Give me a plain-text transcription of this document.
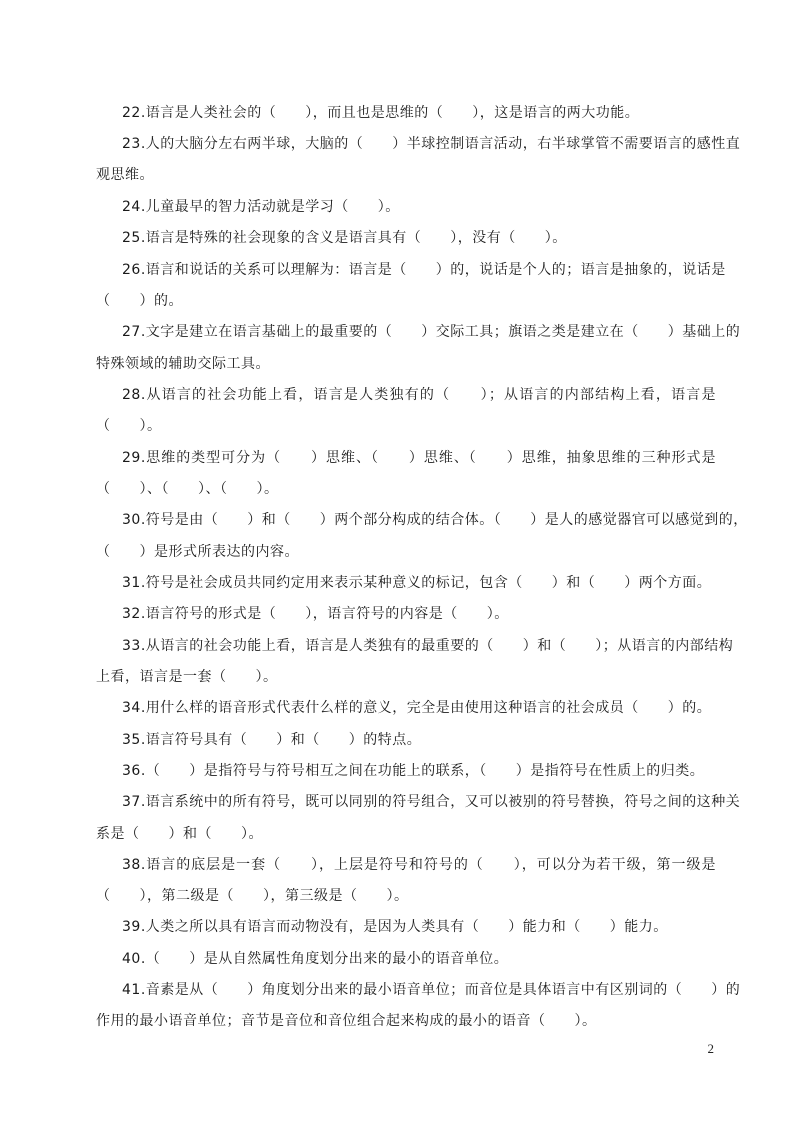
22.语言是人类社会的（　　），而且也是思维的（　　），这是语言的两大功能。
23.人的大脑分左右两半球，大脑的（　　）半球控制语言活动，右半球掌管不需要语言的感性直
观思维。
24.儿童最早的智力活动就是学习（　　）。
25.语言是特殊的社会现象的含义是语言具有（　　），没有（　　）。
26.语言和说话的关系可以理解为：语言是（　　）的，说话是个人的；语言是抽象的，说话是
（　　）的。
27.文字是建立在语言基础上的最重要的（　　）交际工具；旗语之类是建立在（　　）基础上的
特殊领域的辅助交际工具。
28.从语言的社会功能上看，语言是人类独有的（　　）；从语言的内部结构上看，语言是
（　　）。
29.思维的类型可分为（　　）思维、（　　）思维、（　　）思维，抽象思维的三种形式是
（　　）、（　　）、（　　）。
30.符号是由（　　）和（　　）两个部分构成的结合体。（　　）是人的感觉器官可以感觉到的，
（　　）是形式所表达的内容。
31.符号是社会成员共同约定用来表示某种意义的标记，包含（　　）和（　　）两个方面。
32.语言符号的形式是（　　），语言符号的内容是（　　）。
33.从语言的社会功能上看，语言是人类独有的最重要的（　　）和（　　）；从语言的内部结构
上看，语言是一套（　　）。
34.用什么样的语音形式代表什么样的意义，完全是由使用这种语言的社会成员（　　）的。
35.语言符号具有（　　）和（　　）的特点。
36.（　　）是指符号与符号相互之间在功能上的联系，（　　）是指符号在性质上的归类。
37.语言系统中的所有符号，既可以同别的符号组合，又可以被别的符号替换，符号之间的这种关
系是（　　）和（　　）。
38.语言的底层是一套（　　），上层是符号和符号的（　　），可以分为若干级，第一级是
（　　），第二级是（　　），第三级是（　　）。
39.人类之所以具有语言而动物没有，是因为人类具有（　　）能力和（　　）能力。
40.（　　）是从自然属性角度划分出来的最小的语音单位。
41.音素是从（　　）角度划分出来的最小语音单位；而音位是具体语言中有区别词的（　　）的
作用的最小语音单位；音节是音位和音位组合起来构成的最小的语音（　　）。
2
